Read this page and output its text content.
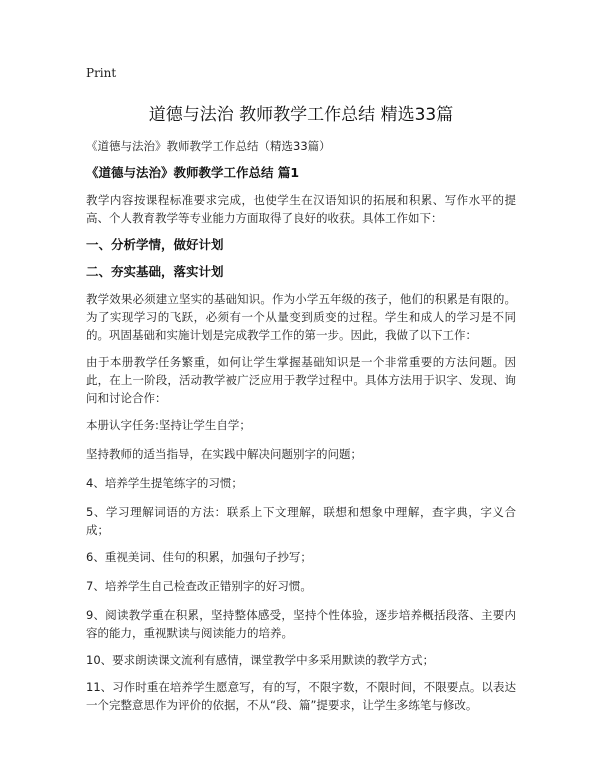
Print
道德与法治 教师教学工作总结 精选33篇
《道德与法治》教师教学工作总结（精选33篇）
《道德与法治》教师教学工作总结 篇1

教学内容按课程标准要求完成，也使学生在汉语知识的拓展和积累、写作水平的提高、个人教育教学等专业能力方面取得了良好的收获。具体工作如下：

一、分析学情，做好计划
二、夯实基础，落实计划

教学效果必须建立坚实的基础知识。作为小学五年级的孩子，他们的积累是有限的。为了实现学习的飞跃，必须有一个从量变到质变的过程。学生和成人的学习是不同的。巩固基础和实施计划是完成教学工作的第一步。因此，我做了以下工作：

由于本册教学任务繁重，如何让学生掌握基础知识是一个非常重要的方法问题。因此，在上一阶段，活动教学被广泛应用于教学过程中。具体方法用于识字、发现、询问和讨论合作：

本册认字任务:坚持让学生自学；

坚持教师的适当指导，在实践中解决问题别字的问题；

4、培养学生提笔练字的习惯；

5、学习理解词语的方法：联系上下文理解，联想和想象中理解，查字典，字义合成；

6、重视美词、佳句的积累，加强句子抄写；

7、培养学生自己检查改正错别字的好习惯。

9、阅读教学重在积累，坚持整体感受，坚持个性体验，逐步培养概括段落、主要内容的能力，重视默读与阅读能力的培养。

10、要求朗读课文流利有感情，课堂教学中多采用默读的教学方式；

11、习作时重在培养学生愿意写，有的写，不限字数，不限时间，不限要点。以表达一个完整意思作为评价的依据，不从“段、篇”提要求，让学生多练笔与修改。
